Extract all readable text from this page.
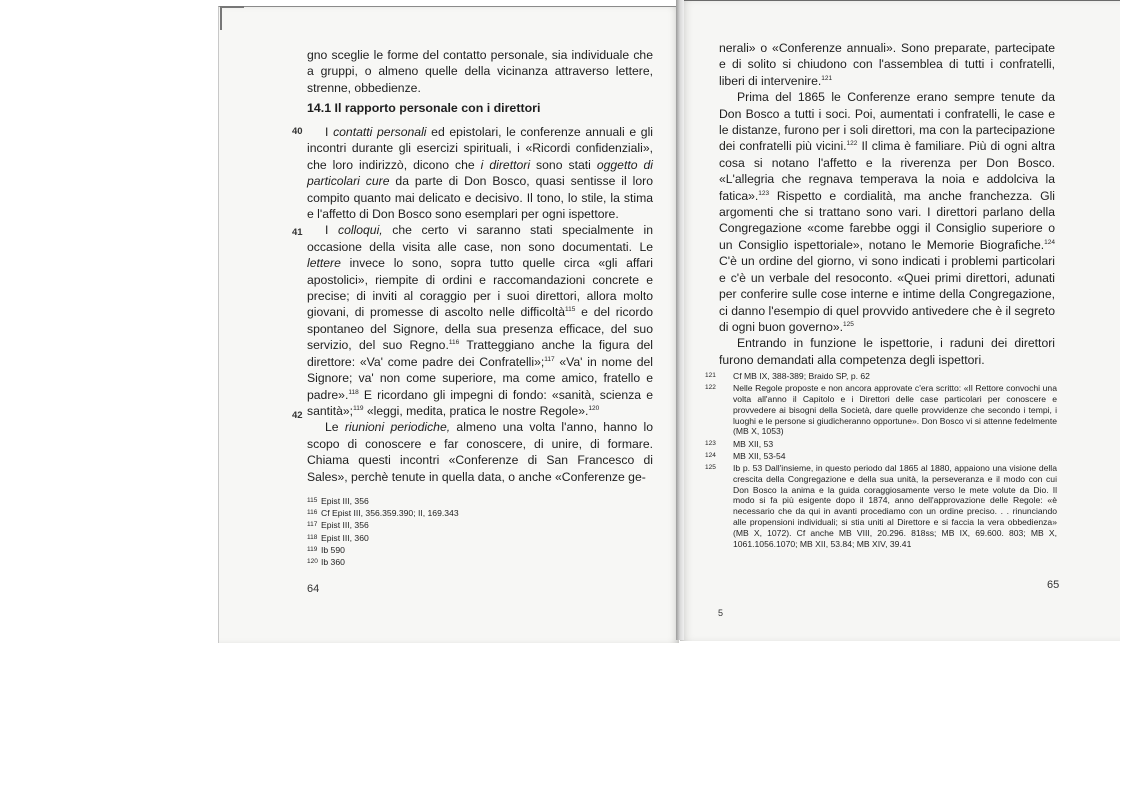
gno sceglie le forme del contatto personale, sia individuale che a gruppi, o almeno quelle della vicinanza attraverso lettere, strenne, obbedienze.

14.1 Il rapporto personale con i direttori

40
41
42

I contatti personali ed epistolari, le conferenze annuali e gli incontri durante gli esercizi spirituali, i «Ricordi confidenziali», che loro indirizzò, dicono che i direttori sono stati oggetto di particolari cure da parte di Don Bosco, quasi sentisse il loro compito quanto mai delicato e decisivo. Il tono, lo stile, la stima e l'affetto di Don Bosco sono esemplari per ogni ispettore.

I colloqui, che certo vi saranno stati specialmente in occasione della visita alle case, non sono documentati. Le lettere invece lo sono, sopra tutto quelle circa «gli affari apostolici», riempite di ordini e raccomandazioni concrete e precise; di inviti al coraggio per i suoi direttori, allora molto giovani, di promesse di ascolto nelle difficoltà$^{115}$ e del ricordo spontaneo del Signore, della sua presenza efficace, del suo servizio, del suo Regno.$^{116}$ Tratteggiano anche la figura del direttore: «Va' come padre dei Confratelli»;$^{117}$ «Va' in nome del Signore; va' non come superiore, ma come amico, fratello e padre».$^{118}$ E ricordano gli impegni di fondo: «sanità, scienza e santità»;$^{119}$ «leggi, medita, pratica le nostre Regole».$^{120}$

Le riunioni periodiche, almeno una volta l'anno, hanno lo scopo di conoscere e far conoscere, di unire, di formare. Chiama questi incontri «Conferenze di San Francesco di Sales», perchè tenute in quella data, o anche «Conferenze ge-

115 Epist III, 356

116 Cf Epist III, 356.359.390; II, 169.343

117 Epist III, 356

118 Epist III, 360

119 Ib 590

120 Ib 360

64

nerali» o «Conferenze annuali». Sono preparate, partecipate e di solito si chiudono con l'assemblea di tutti i confratelli, liberi di intervenire.$^{121}$

Prima del 1865 le Conferenze erano sempre tenute da Don Bosco a tutti i soci. Poi, aumentati i confratelli, le case e le distanze, furono per i soli direttori, ma con la partecipazione dei confratelli più vicini.$^{122}$ Il clima è familiare. Più di ogni altra cosa si notano l'affetto e la riverenza per Don Bosco. «L'allegria che regnava temperava la noia e addolciva la fatica».$^{123}$ Rispetto e cordialità, ma anche franchezza. Gli argomenti che si trattano sono vari. I direttori parlano della Congregazione «come farebbe oggi il Consiglio superiore o un Consiglio ispettoriale», notano le Memorie Biografiche.$^{124}$ C'è un ordine del giorno, vi sono indicati i problemi particolari e c'è un verbale del resoconto. «Quei primi direttori, adunati per conferire sulle cose interne e intime della Congregazione, ci danno l'esempio di quel provvido antivedere che è il segreto di ogni buon governo».$^{125}$

Entrando in funzione le ispettorie, i raduni dei direttori furono demandati alla competenza degli ispettori.

121 Cf MB IX, 388-389; Braido SP, p. 62

122 Nelle Regole proposte e non ancora approvate c'era scritto: «Il Rettore convochi una volta all'anno il Capitolo e i Direttori delle case particolari per conoscere e provvedere ai bisogni della Società, dare quelle provvidenze che secondo i tempi, i luoghi e le persone si giudicheranno opportune». Don Bosco vi si attenne fedelmente (MB X, 1053)

123 MB XII, 53

124 MB XII, 53-54

125 Ib p. 53 Dall'insieme, in questo periodo dal 1865 al 1880, appaiono una visione della crescita della Congregazione e della sua unità, la perseveranza e il modo con cui Don Bosco la anima e la guida coraggiosamente verso le mete volute da Dio. Il modo si fa più esigente dopo il 1874, anno dell'approvazione delle Regole: «è necessario che da qui in avanti procediamo con un ordine preciso. . . rinunciando alle propensioni individuali; si stia uniti al Direttore e si faccia la vera obbedienza» (MB X, 1072). Cf anche MB VIII, 20.296. 818ss; MB IX, 69.600. 803; MB X, 1061.1056.1070; MB XII, 53.84; MB XIV, 39.41

65
5
